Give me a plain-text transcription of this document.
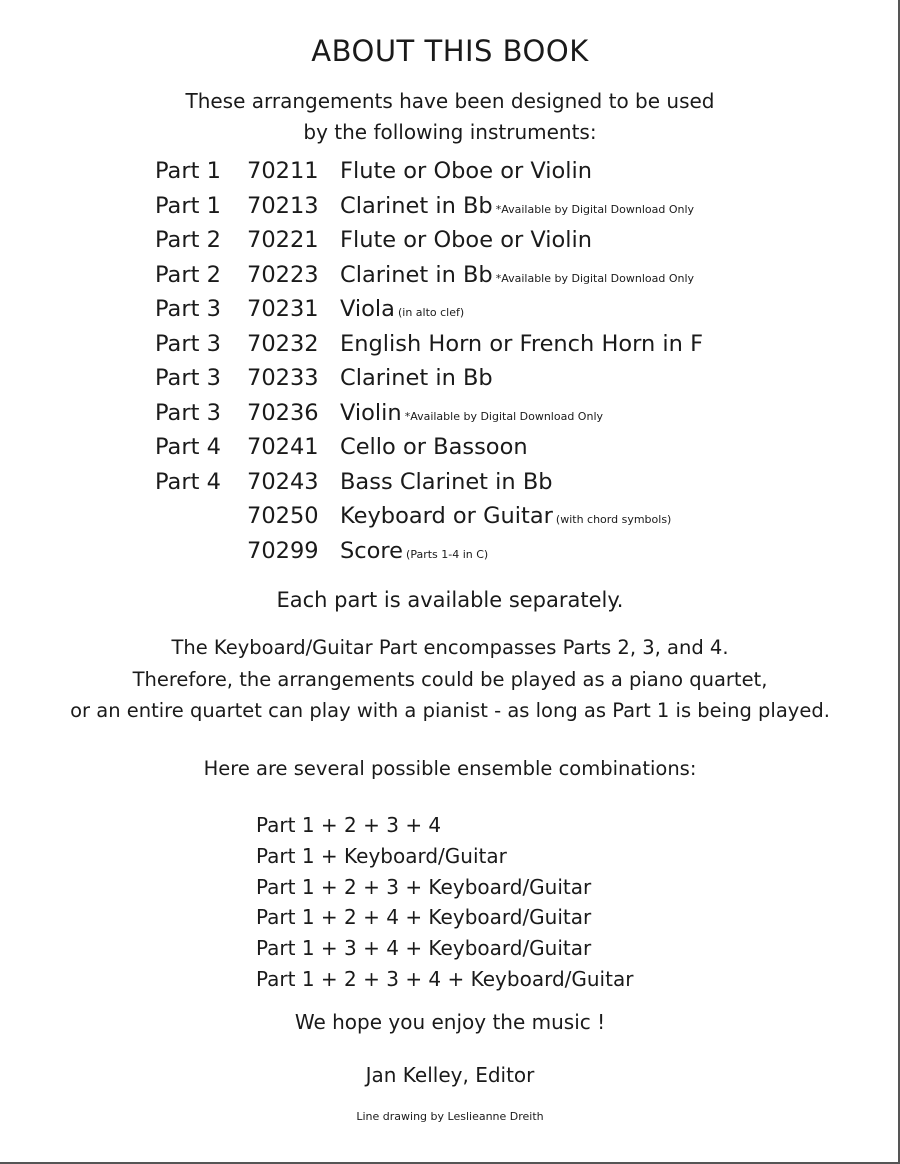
ABOUT THIS BOOK
These arrangements have been designed to be used
by the following instruments:
Part 1 70211 Flute or Oboe or Violin
Part 1 70213 Clarinet in Bb *Available by Digital Download Only
Part 2 70221 Flute or Oboe or Violin
Part 2 70223 Clarinet in Bb *Available by Digital Download Only
Part 3 70231 Viola (in alto clef)
Part 3 70232 English Horn or French Horn in F
Part 3 70233 Clarinet in Bb
Part 3 70236 Violin *Available by Digital Download Only
Part 4 70241 Cello or Bassoon
Part 4 70243 Bass Clarinet in Bb
70250 Keyboard or Guitar (with chord symbols)
70299 Score (Parts 1-4 in C)
Each part is available separately.
The Keyboard/Guitar Part encompasses Parts 2, 3, and 4.
Therefore, the arrangements could be played as a piano quartet,
or an entire quartet can play with a pianist - as long as Part 1 is being played.
Here are several possible ensemble combinations:
Part 1 + 2 + 3 + 4
Part 1 + Keyboard/Guitar
Part 1 + 2 + 3 + Keyboard/Guitar
Part 1 + 2 + 4 + Keyboard/Guitar
Part 1 + 3 + 4 + Keyboard/Guitar
Part 1 + 2 + 3 + 4 + Keyboard/Guitar
We hope you enjoy the music !
Jan Kelley, Editor
Line drawing by Leslieanne Dreith
